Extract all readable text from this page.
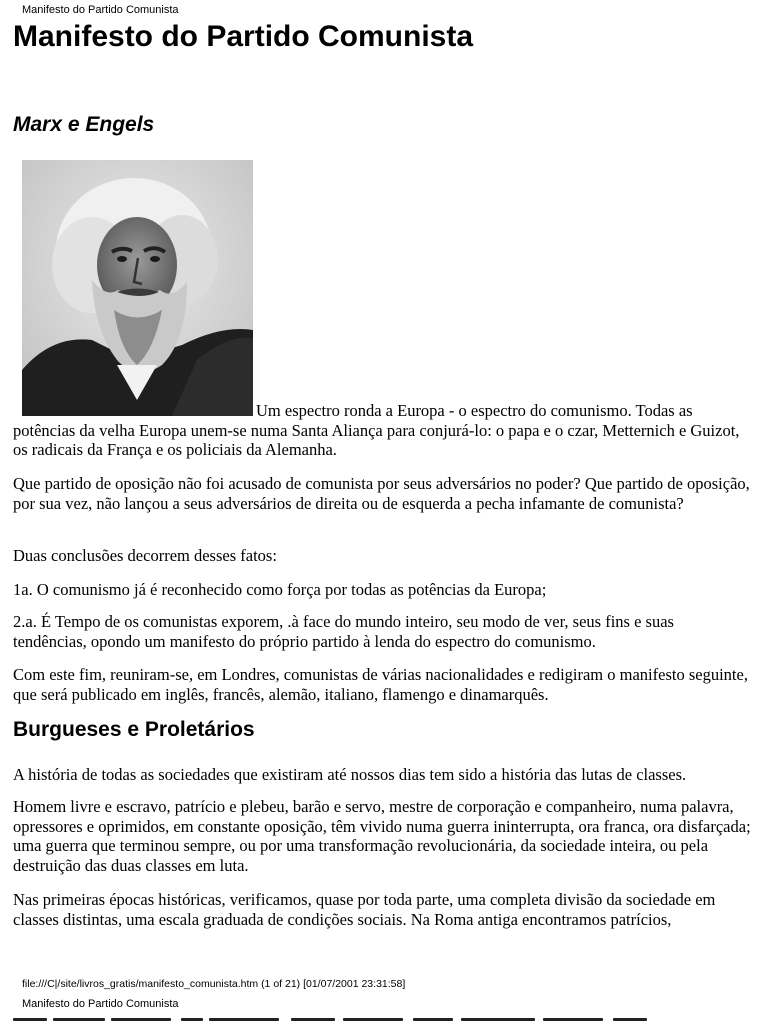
Manifesto do Partido Comunista
Manifesto do Partido Comunista
Marx e Engels
Um espectro ronda a Europa - o espectro do comunismo. Todas as potências da velha Europa unem-se numa Santa Aliança para conjurá-lo: o papa e o czar, Metternich e Guizot, os radicais da França e os policiais da Alemanha.

Que partido de oposição não foi acusado de comunista por seus adversários no poder? Que partido de oposição, por sua vez, não lançou a seus adversários de direita ou de esquerda a pecha infamante de comunista?

Duas conclusões decorrem desses fatos:

1a. O comunismo já é reconhecido como força por todas as potências da Europa;

2.a. É Tempo de os comunistas exporem, .à face do mundo inteiro, seu modo de ver, seus fins e suas tendências, opondo um manifesto do próprio partido à lenda do espectro do comunismo.

Com este fim, reuniram-se, em Londres, comunistas de várias nacionalidades e redigiram o manifesto seguinte, que será publicado em inglês, francês, alemão, italiano, flamengo e dinamarquês.

Burgueses e Proletários

A história de todas as sociedades que existiram até nossos dias tem sido a história das lutas de classes.

Homem livre e escravo, patrício e plebeu, barão e servo, mestre de corporação e companheiro, numa palavra, opressores e oprimidos, em constante oposição, têm vivido numa guerra ininterrupta, ora franca, ora disfarçada; uma guerra que terminou sempre, ou por uma transformação revolucionária, da sociedade inteira, ou pela destruição das duas classes em luta.

Nas primeiras épocas históricas, verificamos, quase por toda parte, uma completa divisão da sociedade em classes distintas, uma escala graduada de condições sociais. Na Roma antiga encontramos patrícios,

file:///C|/site/livros_gratis/manifesto_comunista.htm (1 of 21) [01/07/2001 23:31:58]
Manifesto do Partido Comunista
